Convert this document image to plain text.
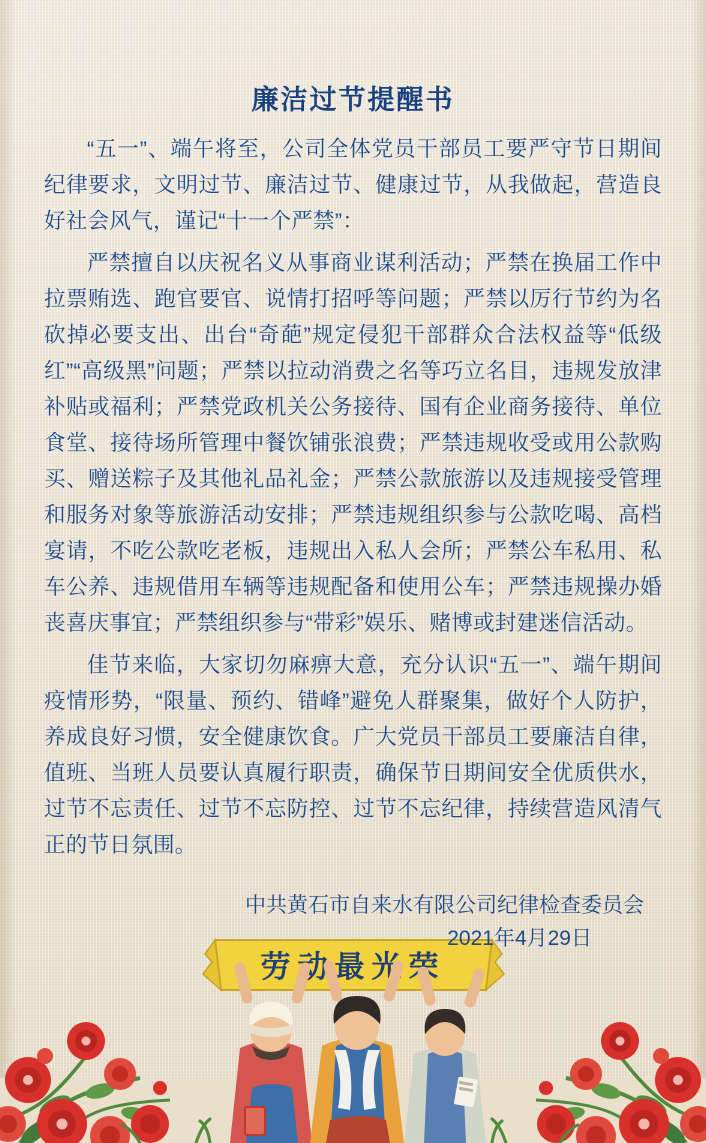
廉洁过节提醒书

“五一”、端午将至，公司全体党员干部员工要严守节日期间纪律要求，文明过节、廉洁过节、健康过节，从我做起，营造良好社会风气，谨记“十一个严禁”：

严禁擅自以庆祝名义从事商业谋利活动；严禁在换届工作中拉票贿选、跑官要官、说情打招呼等问题；严禁以厉行节约为名砍掉必要支出、出台“奇葩”规定侵犯干部群众合法权益等“低级红”“高级黑”问题；严禁以拉动消费之名等巧立名目，违规发放津补贴或福利；严禁党政机关公务接待、国有企业商务接待、单位食堂、接待场所管理中餐饮铺张浪费；严禁违规收受或用公款购买、赠送粽子及其他礼品礼金；严禁公款旅游以及违规接受管理和服务对象等旅游活动安排；严禁违规组织参与公款吃喝、高档宴请，不吃公款吃老板，违规出入私人会所；严禁公车私用、私车公养、违规借用车辆等违规配备和使用公车；严禁违规操办婚丧喜庆事宜；严禁组织参与“带彩”娱乐、赌博或封建迷信活动。

佳节来临，大家切勿麻痹大意，充分认识“五一”、端午期间疫情形势，“限量、预约、错峰”避免人群聚集，做好个人防护，养成良好习惯，安全健康饮食。广大党员干部员工要廉洁自律，值班、当班人员要认真履行职责，确保节日期间安全优质供水，过节不忘责任、过节不忘防控、过节不忘纪律，持续营造风清气正的节日氛围。

中共黄石市自来水有限公司纪律检查委员会
2021年4月29日
劳动最光荣
